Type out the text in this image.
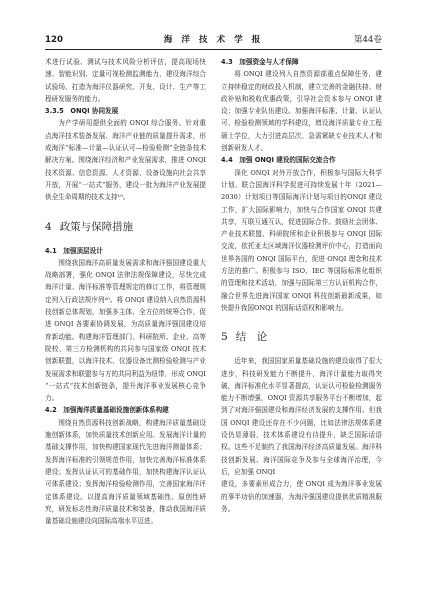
120	海 洋 技 术 学 报	第44卷

术进行试验、测试与技术风险分析评估，提高现场快速、智能识别、定量可视检测监测能力，建设海洋综合试验场，打造为海洋仪器研究、开发、设计、生产等工程研发服务的能力。

3.3.5　ONQI 协同发展

为产学研用提供全面的 ONQI 综合服务。针对重点海洋技术装备发展、海洋产业链的质量提升需求，形成海洋“标准—计量—认证认可—检验检测”全链条技术解决方案。围绕海洋经济和产业发展需求，推进 ONQI 技术资源、信息资源、人才资源、设备设施向社会共享开放，开展“一站式”服务，建设一批为海洋产业发展提供全生命周期的技术支持¹⁹。

4 政策与保障措施

4.1　加强顶层设计

围绕我国海洋高质量发展需求和海洋强国建设重大战略部署，强化 ONQI 法律法规保障建设，尽快完成海洋计量、海洋标准等管理规定的修订工作，将管理规定列入行政法规序列²⁰。将 ONQI 建设纳入自然资源科技创新总体规划，加强多主体、全方位的统筹合作，促进 ONQI 各要素协调发展，为高质量海洋强国建设培育新动能。构建海洋管理部门、科研院所、企业、高等院校、第三方检测机构的共同参与国家级 ONQI 技术创新联盟，以海洋技术、仪器设备比测检验检测与产业发展需求和联盟参与方的共同利益为纽带，形成 ONQI “一站式”技术创新链条，提升海洋事业发展核心竞争力。

4.2　加强海洋质量基础设施创新体系构建

围绕自然资源科技创新战略，构建海洋质量基础设施创新体系，加快质量技术创新应用。发展海洋计量的基础支撑作用，加快构建国家现代先进海洋测量体系；发挥海洋标准的引领规范作用，加快完善海洋标准体系建设；发挥认证认可的基础作用，加快构建海洋认证认可体系建设；发挥海洋检验检测作用，完善国家海洋评定体系建设。以提高海洋质量领域基础性、原创性研究，研发标志性海洋质量技术和装备，推动我国海洋质量基础设施建设向国际高端水平迈进。

4.3　加强资金与人才保障

将 ONQI 建设列入自然资源部重点保障任务，建立持续稳定的财政投入机制，建立完善的金融扶持、财政补贴和税收优惠政策，引导社会资本参与 ONQI 建设；加强专业队伍建设。加强海洋标准、计量、认证认可、检验检测领域的学科建设，增设海洋质量专业工程硕士学位，大力引进高层次、急需紧缺专业技术人才和创新研发人才。

4.4　加强 ONQI 建设的国际交流合作

深化 ONQI 对外开放合作，积极参与国际大科学计划、联合国海洋科学促进可持续发展十年（2021—2030）计划项目等国际海洋计划与项目的ONQI 建设工作，扩大国际影响力，加快与合作国家 ONQI 共建共享，互联互通互认，促进国际合作。鼓励社会团体、产业技术联盟、科研院所和企业积极参与 ONQI 国际交流，依托亚太区域海洋仪器检测评价中心，打造面向世界各国的 ONQI 国际平台，促进 ONQI 理念和技术方法的推广。积极参与 ISO、IEC 等国际标准化组织的管理和技术活动，加强与国际第三方认证机构合作，融合世界先进海洋国家 ONQI 科技创新最新成果，如快提升我国ONQI 的国际话语权和影响力。

5 结　论

近年来，我国国家质量基础设施的建设取得了很大进步，科技研发能力不断提升，海洋计量能力取得突破，海洋标准化水平显著提高，认证认可检验检测服务能力不断增强，ONQI 资源共享服务平台不断增加，起到了对海洋强国建设和海洋经济发展的支撑作用。但我国 ONQI 建设还存在不少问题，比如法律法规体系建设仍显薄弱，技术体系建设有待提升，缺乏国际话语权。这些不足制约了我国海洋经济高质量发展。海洋科技创新发展、海洋国际竞争及参与全球海洋治理，今后，应加强 ONQI

建设，多要素形成合力，使 ONQI 成为海洋事业发展的事半功倍的加速器，为海洋强国建设提供优质精准服务。
